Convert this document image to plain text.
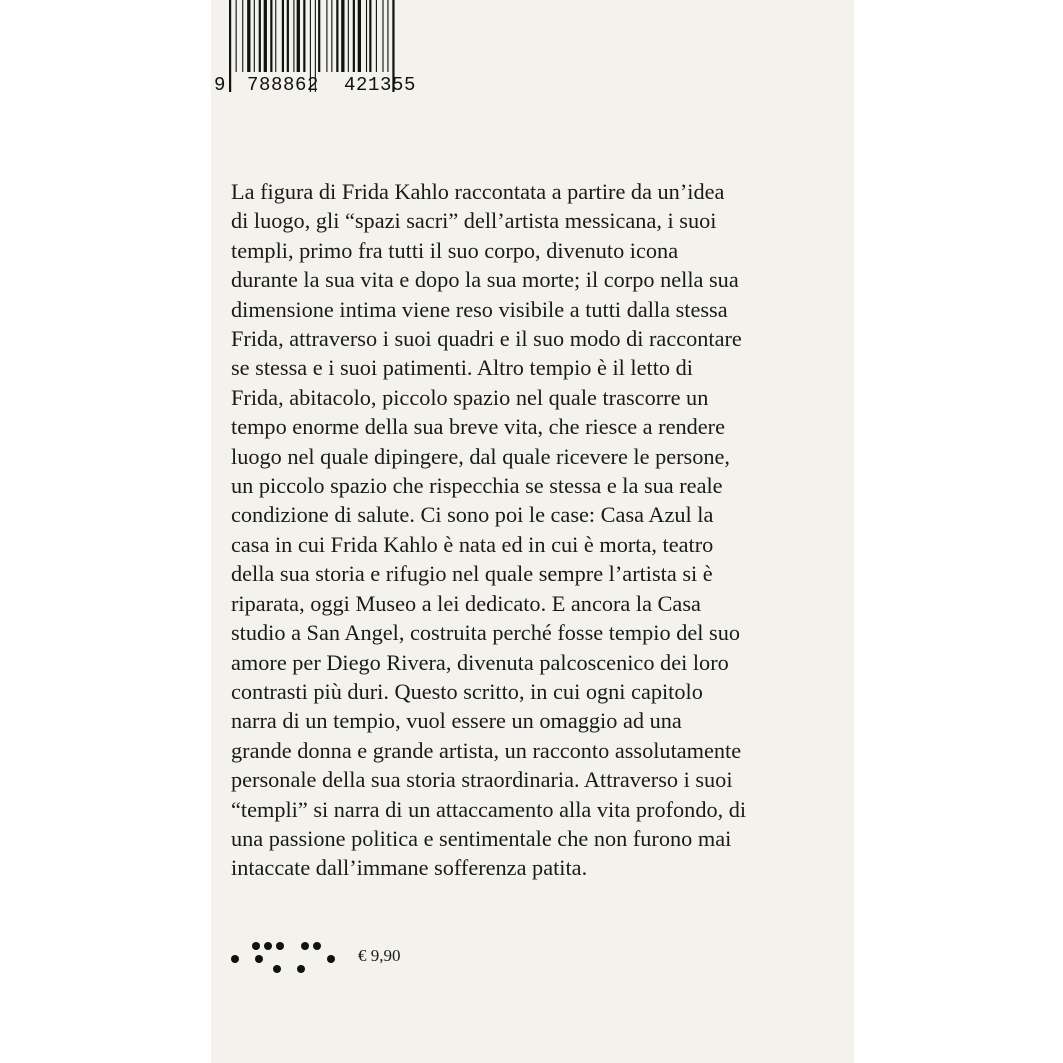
9 788862	421355

La figura di Frida Kahlo raccontata a partire da un’idea
di luogo, gli “spazi sacri” dell’artista messicana, i suoi
templi, primo fra tutti il suo corpo, divenuto icona
durante la sua vita e dopo la sua morte; il corpo nella sua
dimensione intima viene reso visibile a tutti dalla stessa
Frida, attraverso i suoi quadri e il suo modo di raccontare
se stessa e i suoi patimenti. Altro tempio è il letto di
Frida, abitacolo, piccolo spazio nel quale trascorre un
tempo enorme della sua breve vita, che riesce a rendere
luogo nel quale dipingere, dal quale ricevere le persone,
un piccolo spazio che rispecchia se stessa e la sua reale
condizione di salute. Ci sono poi le case: Casa Azul la
casa in cui Frida Kahlo è nata ed in cui è morta, teatro
della sua storia e rifugio nel quale sempre l’artista si è
riparata, oggi Museo a lei dedicato. E ancora la Casa
studio a San Angel, costruita perché fosse tempio del suo
amore per Diego Rivera, divenuta palcoscenico dei loro
contrasti più duri. Questo scritto, in cui ogni capitolo
narra di un tempio, vuol essere un omaggio ad una
grande donna e grande artista, un racconto assolutamente
personale della sua storia straordinaria. Attraverso i suoi
“templi” si narra di un attaccamento alla vita profondo, di
una passione politica e sentimentale che non furono mai
intaccate dall’immane sofferenza patita.

€ 9,90
